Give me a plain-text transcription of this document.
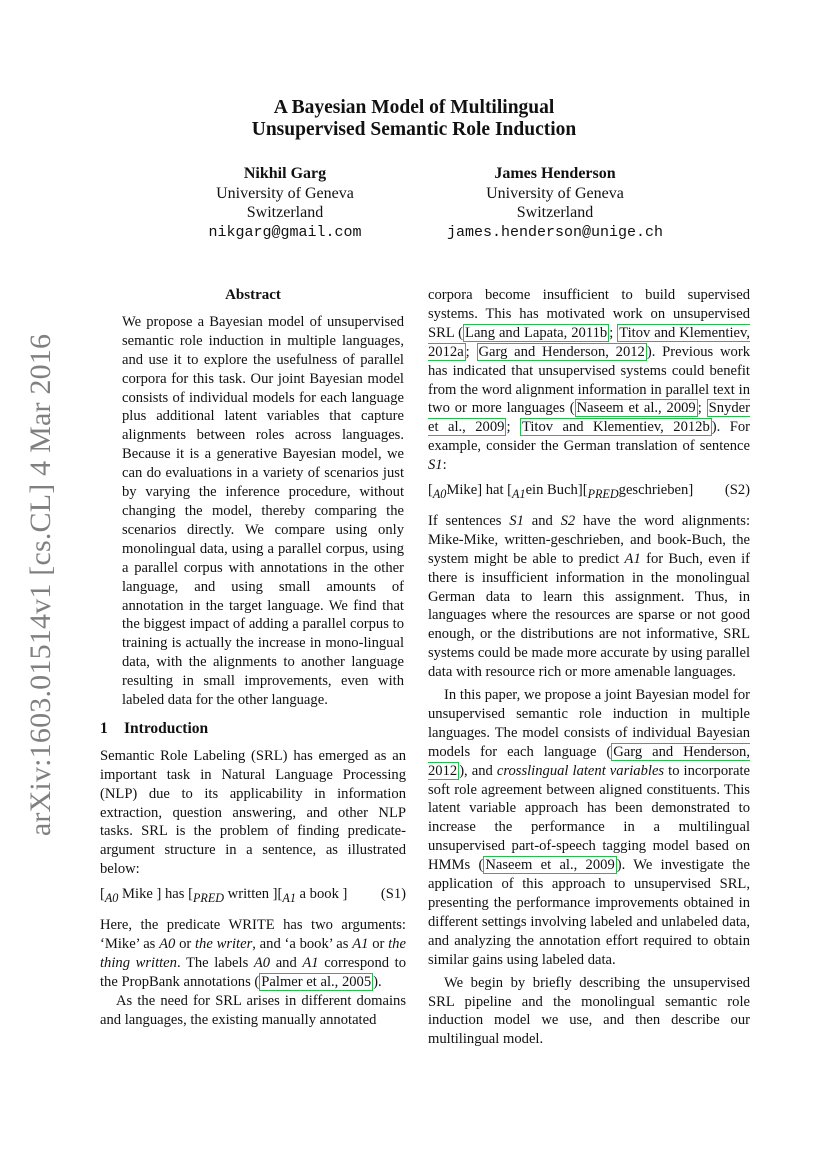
arXiv:1603.01514v1 [cs.CL] 4 Mar 2016
A Bayesian Model of Multilingual
Unsupervised Semantic Role Induction
Nikhil Garg
University of Geneva
Switzerland
nikgarg@gmail.com
James Henderson
University of Geneva
Switzerland
james.henderson@unige.ch
Abstract

We propose a Bayesian model of unsupervised semantic role induction in multiple languages, and use it to explore the usefulness of parallel corpora for this task. Our joint Bayesian model consists of individual models for each language plus additional latent variables that capture alignments between roles across languages. Because it is a generative Bayesian model, we can do evaluations in a variety of scenarios just by varying the inference procedure, without changing the model, thereby comparing the scenarios directly. We compare using only monolingual data, using a parallel corpus, using a parallel corpus with annotations in the other language, and using small amounts of annotation in the target language. We find that the biggest impact of adding a parallel corpus to training is actually the increase in mono-lingual data, with the alignments to another language resulting in small improvements, even with labeled data for the other language.

1 Introduction

Semantic Role Labeling (SRL) has emerged as an important task in Natural Language Processing (NLP) due to its applicability in information extraction, question answering, and other NLP tasks. SRL is the problem of finding predicate-argument structure in a sentence, as illustrated below:

[$_{A0}$ Mike ] has [$_{PRED}$ written ][$_{A1}$ a book ] (S1)

Here, the predicate WRITE has two arguments: ‘Mike’ as A0 or the writer, and ‘a book’ as A1 or the thing written. The labels A0 and A1 correspond to the PropBank annotations ( Palmer et al., 2005 ).

As the need for SRL arises in different domains and languages, the existing manually annotated

corpora become insufficient to build supervised systems. This has motivated work on unsupervised SRL ( Lang and Lapata, 2011b ; Titov and Klementiev, 2012a ; Garg and Henderson, 2012 ). Previous work has indicated that unsupervised systems could benefit from the word alignment information in parallel text in two or more languages ( Naseem et al., 2009 ; Snyder et al., 2009 ; Titov and Klementiev, 2012b ). For example, consider the German translation of sentence S1:

$[_{A0}Mike]$ hat [$_{A1}ein$ $Buch][_{PRED}geschrieben]$ (S2)

If sentences S1 and S2 have the word alignments: Mike-Mike, written-geschrieben, and book-Buch, the system might be able to predict A1 for Buch, even if there is insufficient information in the monolingual German data to learn this assignment. Thus, in languages where the resources are sparse or not good enough, or the distributions are not informative, SRL systems could be made more accurate by using parallel data with resource rich or more amenable languages.

In this paper, we propose a joint Bayesian model for unsupervised semantic role induction in multiple languages. The model consists of individual Bayesian models for each language ( Garg and Henderson, 2012 ), and crosslingual latent variables to incorporate soft role agreement between aligned constituents. This latent variable approach has been demonstrated to increase the performance in a multilingual unsupervised part-of-speech tagging model based on HMMs ( Naseem et al., 2009 ). We investigate the application of this approach to unsupervised SRL, presenting the performance improvements obtained in different settings involving labeled and unlabeled data, and analyzing the annotation effort required to obtain similar gains using labeled data.

We begin by briefly describing the unsupervised SRL pipeline and the monolingual semantic role induction model we use, and then describe our multilingual model.
